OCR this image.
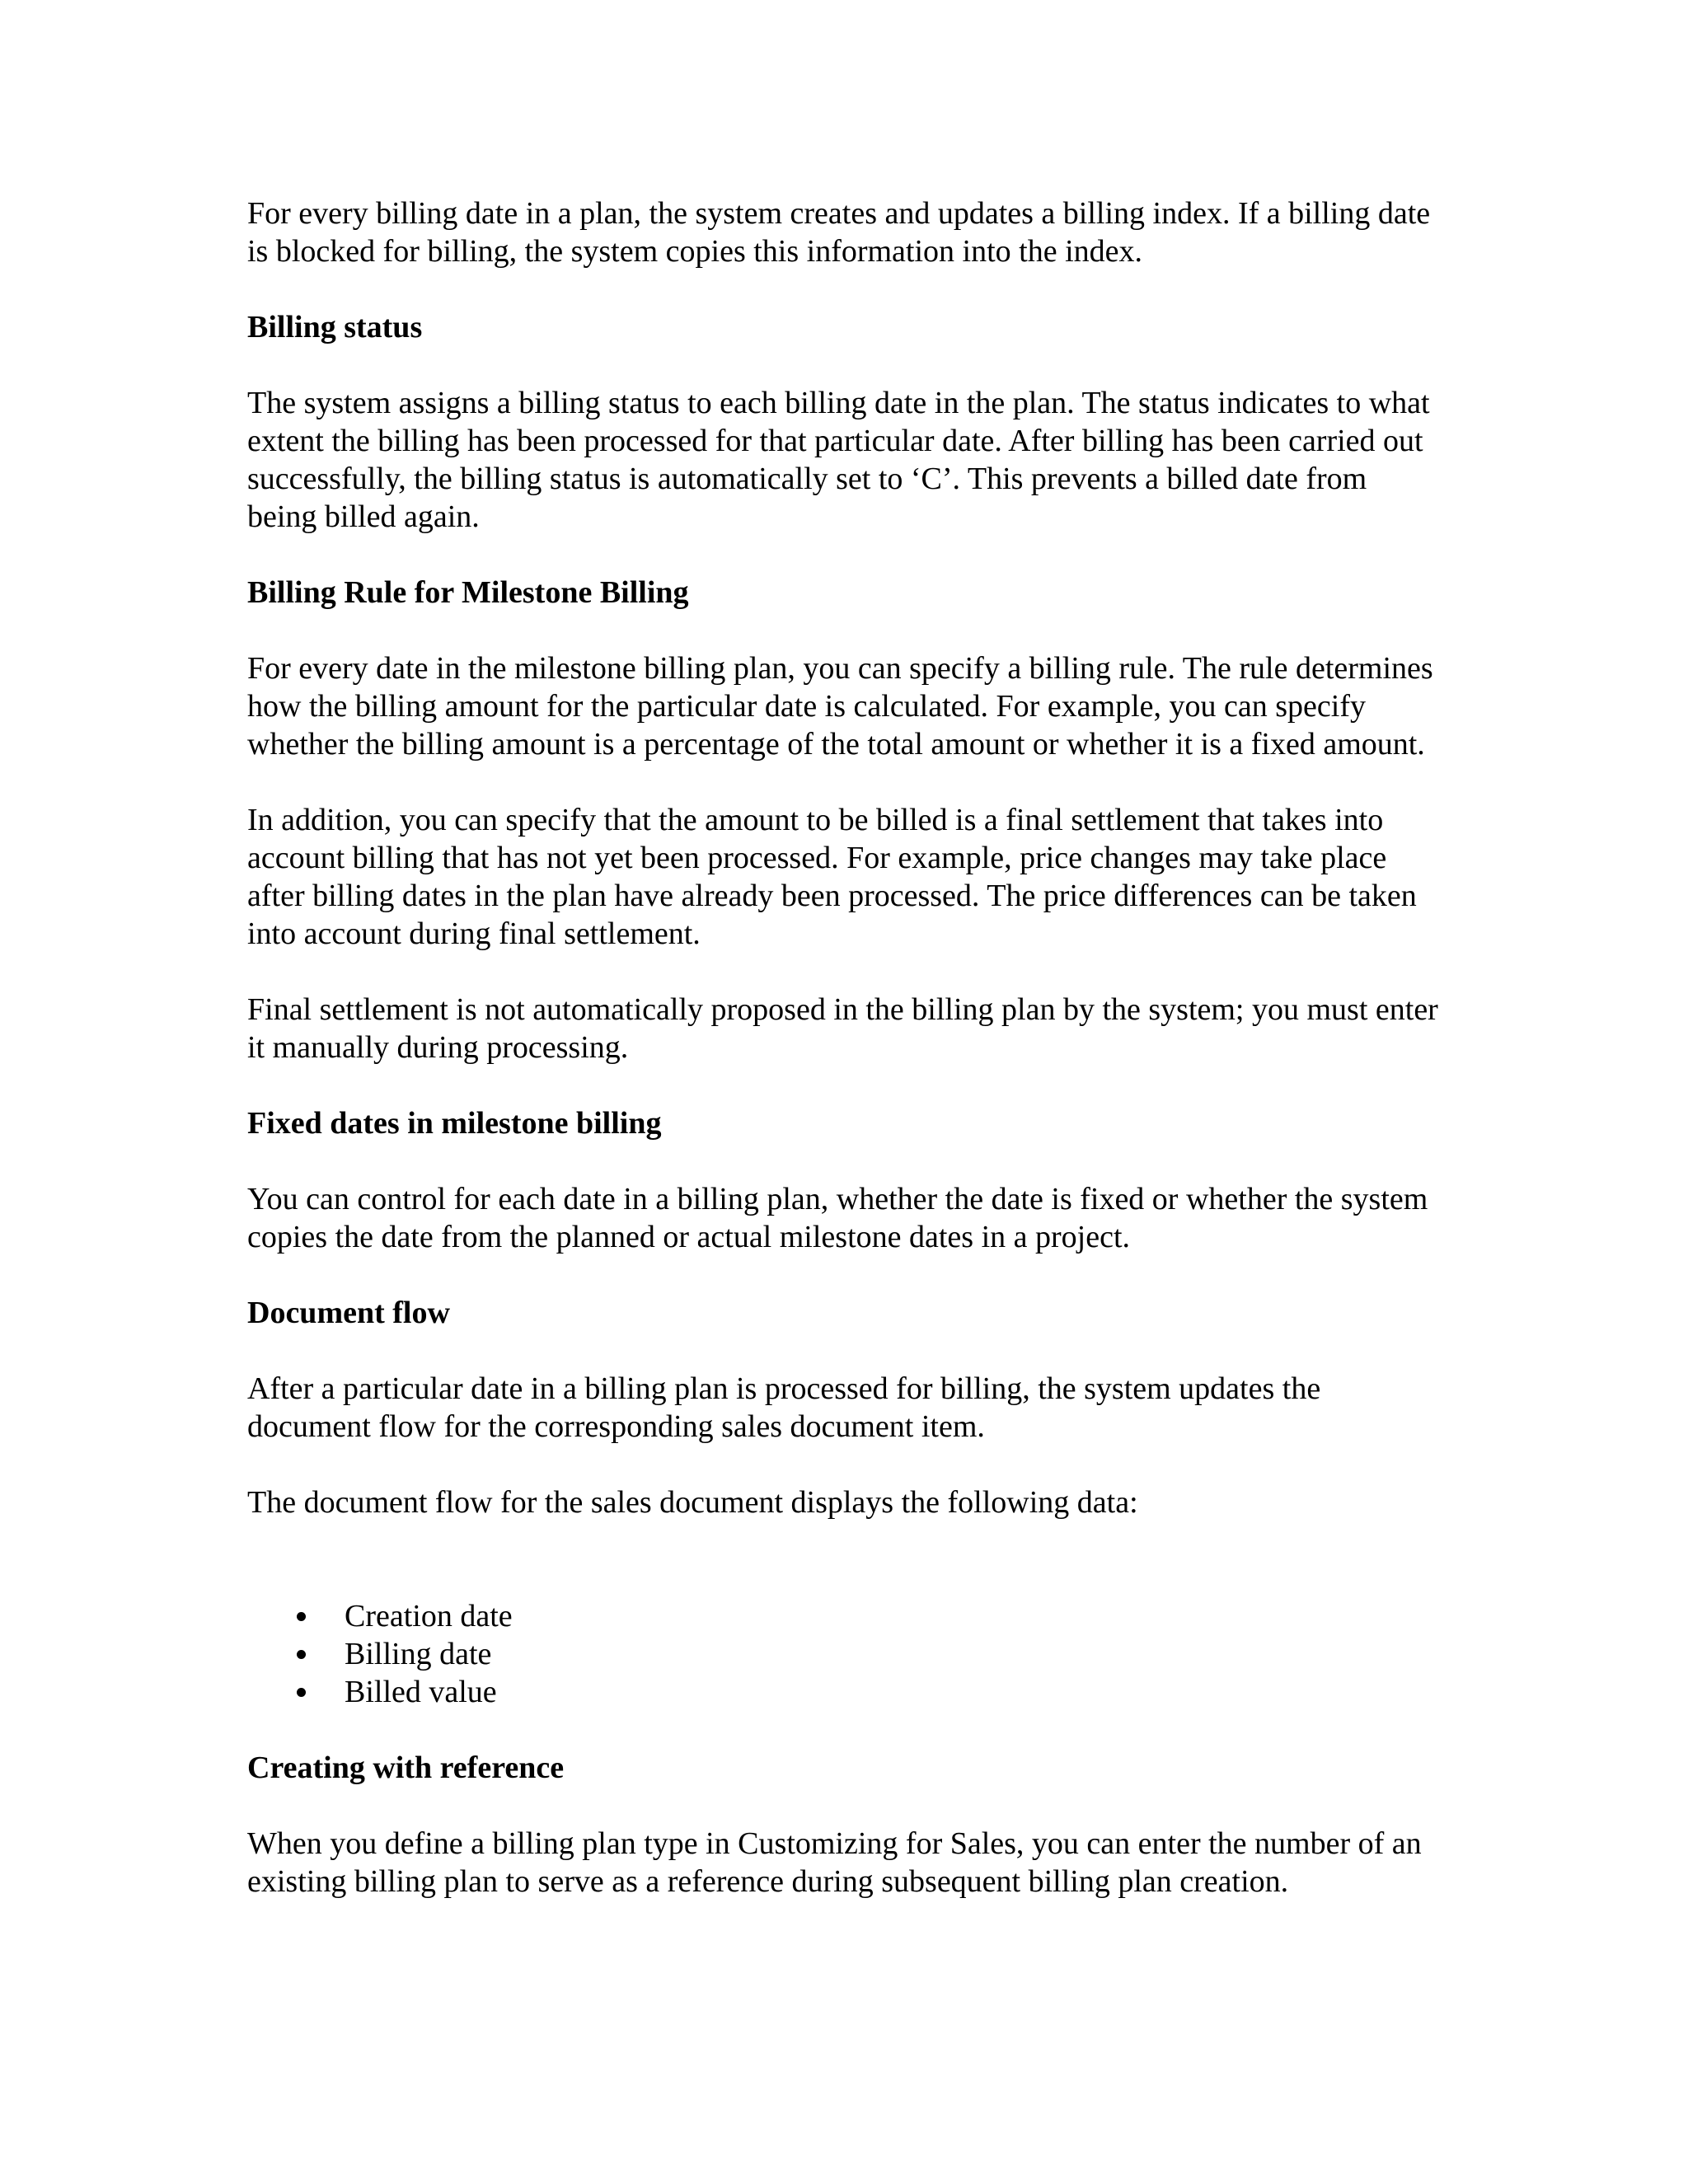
For every billing date in a plan, the system creates and updates a billing index. If a billing date is blocked for billing, the system copies this information into the index.

Billing status

The system assigns a billing status to each billing date in the plan. The status indicates to what extent the billing has been processed for that particular date. After billing has been carried out successfully, the billing status is automatically set to ‘C’. This prevents a billed date from being billed again.

Billing Rule for Milestone Billing

For every date in the milestone billing plan, you can specify a billing rule. The rule determines how the billing amount for the particular date is calculated. For example, you can specify whether the billing amount is a percentage of the total amount or whether it is a fixed amount.

In addition, you can specify that the amount to be billed is a final settlement that takes into account billing that has not yet been processed. For example, price changes may take place after billing dates in the plan have already been processed. The price differences can be taken into account during final settlement.

Final settlement is not automatically proposed in the billing plan by the system; you must enter it manually during processing.

Fixed dates in milestone billing

You can control for each date in a billing plan, whether the date is fixed or whether the system copies the date from the planned or actual milestone dates in a project.

Document flow

After a particular date in a billing plan is processed for billing, the system updates the document flow for the corresponding sales document item.

The document flow for the sales document displays the following data:

Creation date
Billing date
Billed value

Creating with reference

When you define a billing plan type in Customizing for Sales, you can enter the number of an existing billing plan to serve as a reference during subsequent billing plan creation.
